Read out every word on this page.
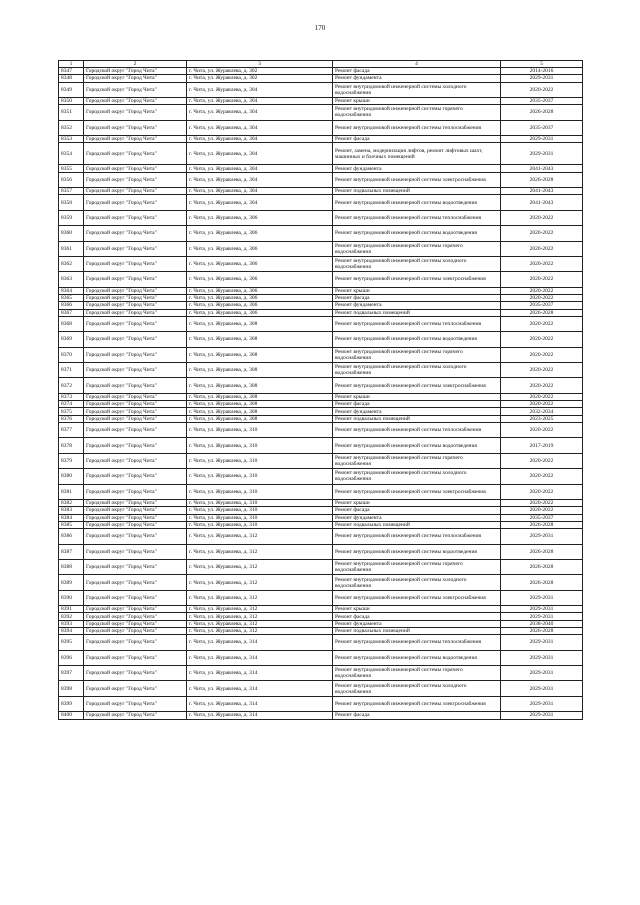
170
1	2	3	4	5
8347	Городской округ "Город Чита"	г. Чита, ул. Журавлева, д. 302	Ремонт фасада	2014-2016
8348	Городской округ "Город Чита"	г. Чита, ул. Журавлева, д. 302	Ремонт фундамента	2029-2031
8349	Городской округ "Город Чита"	г. Чита, ул. Журавлева, д. 304	Ремонт внутридомовой инженерной системы холодного водоснабжения	2020-2022
8350	Городской округ "Город Чита"	г. Чита, ул. Журавлева, д. 304	Ремонт крыши	2035-2037
8351	Городской округ "Город Чита"	г. Чита, ул. Журавлева, д. 304	Ремонт внутридомовой инженерной системы горячего водоснабжения	2026-2028
8352	Городской округ "Город Чита"	г. Чита, ул. Журавлева, д. 304	Ремонт внутридомовой инженерной системы теплоснабжения	2035-2037
8353	Городской округ "Город Чита"	г. Чита, ул. Журавлева, д. 304	Ремонт фасада	2029-2031
8354	Городской округ "Город Чита"	г. Чита, ул. Журавлева, д. 304	Ремонт, замена, модернизация лифтов, ремонт лифтовых шахт, машинных и блочных помещений	2029-2031
8355	Городской округ "Город Чита"	г. Чита, ул. Журавлева, д. 304	Ремонт фундамента	2041-2043
8356	Городской округ "Город Чита"	г. Чита, ул. Журавлева, д. 304	Ремонт внутридомовой инженерной системы электроснабжения	2026-2028
8357	Городской округ "Город Чита"	г. Чита, ул. Журавлева, д. 304	Ремонт подвальных помещений	2041-2043
8358	Городской округ "Город Чита"	г. Чита, ул. Журавлева, д. 304	Ремонт внутридомовой инженерной системы водоотведения	2041-2043
8359	Городской округ "Город Чита"	г. Чита, ул. Журавлева, д. 306	Ремонт внутридомовой инженерной системы теплоснабжения	2020-2022
8360	Городской округ "Город Чита"	г. Чита, ул. Журавлева, д. 306	Ремонт внутридомовой инженерной системы водоотведения	2020-2022
8361	Городской округ "Город Чита"	г. Чита, ул. Журавлева, д. 306	Ремонт внутридомовой инженерной системы горячего водоснабжения	2020-2022
8362	Городской округ "Город Чита"	г. Чита, ул. Журавлева, д. 306	Ремонт внутридомовой инженерной системы холодного водоснабжения	2020-2022
8363	Городской округ "Город Чита"	г. Чита, ул. Журавлева, д. 306	Ремонт внутридомовой инженерной системы электроснабжения	2020-2022
8364	Городской округ "Город Чита"	г. Чита, ул. Журавлева, д. 306	Ремонт крыши	2020-2022
8365	Городской округ "Город Чита"	г. Чита, ул. Журавлева, д. 306	Ремонт фасада	2020-2022
8366	Городской округ "Город Чита"	г. Чита, ул. Журавлева, д. 306	Ремонт фундамента	2035-2037
8367	Городской округ "Город Чита"	г. Чита, ул. Журавлева, д. 306	Ремонт подвальных помещений	2026-2028
8368	Городской округ "Город Чита"	г. Чита, ул. Журавлева, д. 308	Ремонт внутридомовой инженерной системы теплоснабжения	2020-2022
8369	Городской округ "Город Чита"	г. Чита, ул. Журавлева, д. 308	Ремонт внутридомовой инженерной системы водоотведения	2020-2022
8370	Городской округ "Город Чита"	г. Чита, ул. Журавлева, д. 308	Ремонт внутридомовой инженерной системы горячего водоснабжения	2020-2022
8371	Городской округ "Город Чита"	г. Чита, ул. Журавлева, д. 308	Ремонт внутридомовой инженерной системы холодного водоснабжения	2020-2022
8372	Городской округ "Город Чита"	г. Чита, ул. Журавлева, д. 308	Ремонт внутридомовой инженерной системы электроснабжения	2020-2022
8373	Городской округ "Город Чита"	г. Чита, ул. Журавлева, д. 308	Ремонт крыши	2020-2022
8374	Городской округ "Город Чита"	г. Чита, ул. Журавлева, д. 308	Ремонт фасада	2020-2022
8375	Городской округ "Город Чита"	г. Чита, ул. Журавлева, д. 308	Ремонт фундамента	2032-2034
8376	Городской округ "Город Чита"	г. Чита, ул. Журавлева, д. 308	Ремонт подвальных помещений	2023-2025
8377	Городской округ "Город Чита"	г. Чита, ул. Журавлева, д. 310	Ремонт внутридомовой инженерной системы теплоснабжения	2020-2022
8378	Городской округ "Город Чита"	г. Чита, ул. Журавлева, д. 310	Ремонт внутридомовой инженерной системы водоотведения	2017-2019
8379	Городской округ "Город Чита"	г. Чита, ул. Журавлева, д. 310	Ремонт внутридомовой инженерной системы горячего водоснабжения	2020-2022
8380	Городской округ "Город Чита"	г. Чита, ул. Журавлева, д. 310	Ремонт внутридомовой инженерной системы холодного водоснабжения	2020-2022
8381	Городской округ "Город Чита"	г. Чита, ул. Журавлева, д. 310	Ремонт внутридомовой инженерной системы электроснабжения	2020-2022
8382	Городской округ "Город Чита"	г. Чита, ул. Журавлева, д. 310	Ремонт крыши	2020-2022
8383	Городской округ "Город Чита"	г. Чита, ул. Журавлева, д. 310	Ремонт фасада	2020-2022
8384	Городской округ "Город Чита"	г. Чита, ул. Журавлева, д. 310	Ремонт фундамента	2035-2037
8385	Городской округ "Город Чита"	г. Чита, ул. Журавлева, д. 310	Ремонт подвальных помещений	2026-2028
8386	Городской округ "Город Чита"	г. Чита, ул. Журавлева, д. 312	Ремонт внутридомовой инженерной системы теплоснабжения	2029-2031
8387	Городской округ "Город Чита"	г. Чита, ул. Журавлева, д. 312	Ремонт внутридомовой инженерной системы водоотведения	2026-2028
8388	Городской округ "Город Чита"	г. Чита, ул. Журавлева, д. 312	Ремонт внутридомовой инженерной системы горячего водоснабжения	2026-2028
8389	Городской округ "Город Чита"	г. Чита, ул. Журавлева, д. 312	Ремонт внутридомовой инженерной системы холодного водоснабжения	2026-2028
8390	Городской округ "Город Чита"	г. Чита, ул. Журавлева, д. 312	Ремонт внутридомовой инженерной системы электроснабжения	2029-2031
8391	Городской округ "Город Чита"	г. Чита, ул. Журавлева, д. 312	Ремонт крыши	2029-2031
8392	Городской округ "Город Чита"	г. Чита, ул. Журавлева, д. 312	Ремонт фасада	2029-2031
8393	Городской округ "Город Чита"	г. Чита, ул. Журавлева, д. 312	Ремонт фундамента	2038-2040
8394	Городской округ "Город Чита"	г. Чита, ул. Журавлева, д. 312	Ремонт подвальных помещений	2026-2028
8395	Городской округ "Город Чита"	г. Чита, ул. Журавлева, д. 314	Ремонт внутридомовой инженерной системы теплоснабжения	2029-2031
8396	Городской округ "Город Чита"	г. Чита, ул. Журавлева, д. 314	Ремонт внутридомовой инженерной системы водоотведения	2029-2031
8397	Городской округ "Город Чита"	г. Чита, ул. Журавлева, д. 314	Ремонт внутридомовой инженерной системы горячего водоснабжения	2029-2031
8398	Городской округ "Город Чита"	г. Чита, ул. Журавлева, д. 314	Ремонт внутридомовой инженерной системы холодного водоснабжения	2029-2031
8399	Городской округ "Город Чита"	г. Чита, ул. Журавлева, д. 314	Ремонт внутридомовой инженерной системы электроснабжения	2029-2031
8400	Городской округ "Город Чита"	г. Чита, ул. Журавлева, д. 314	Ремонт фасада	2029-2031
